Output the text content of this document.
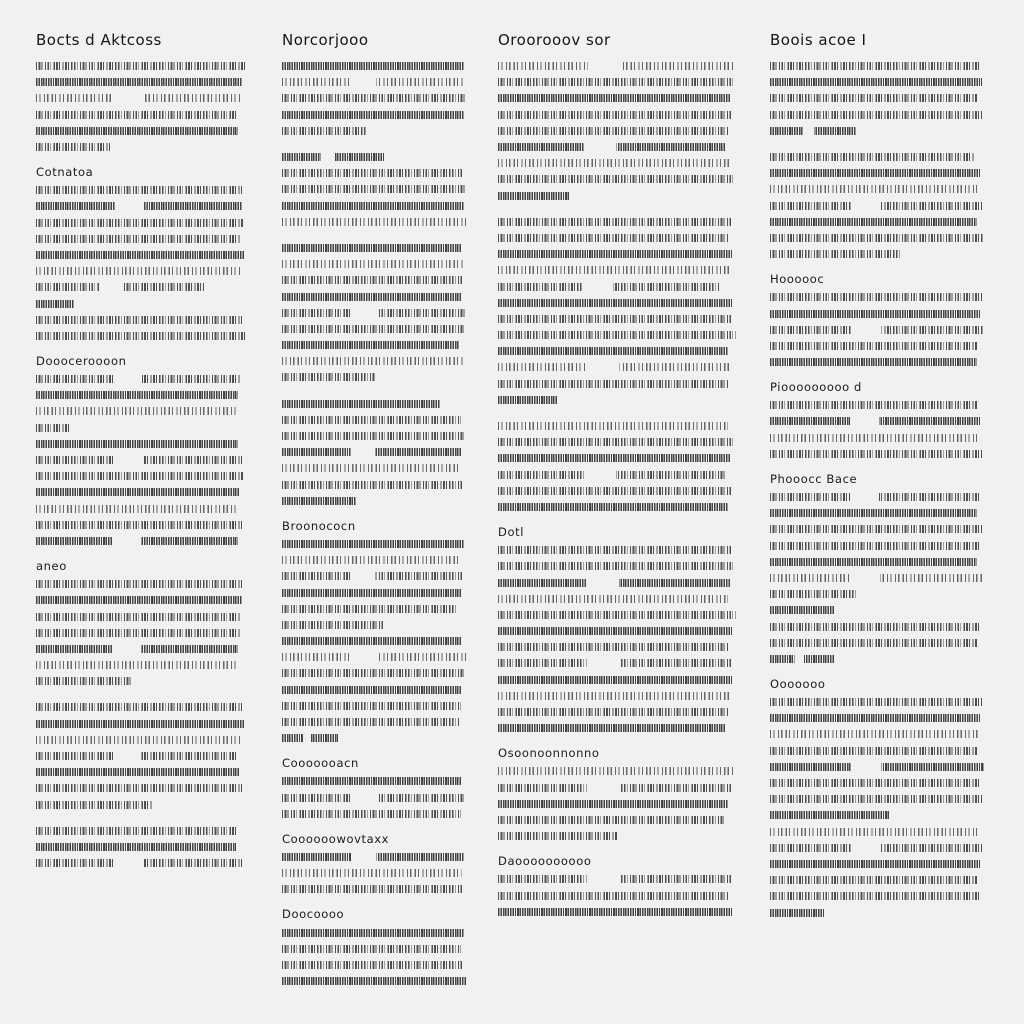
Bocts d Aktcoss
Cotnatoa
Doooceroooon
aneo
Norcorjooo
Broonococn
Cooooooacn
Coooooowovtaxx
Doocoooo
Oroorooov sor
Dotl
Osoonoonnonno
Daoooooooooo
Boois acoe I
Hoooooc
Piooooooooo d
Phooocc Bace
Ooooooo
